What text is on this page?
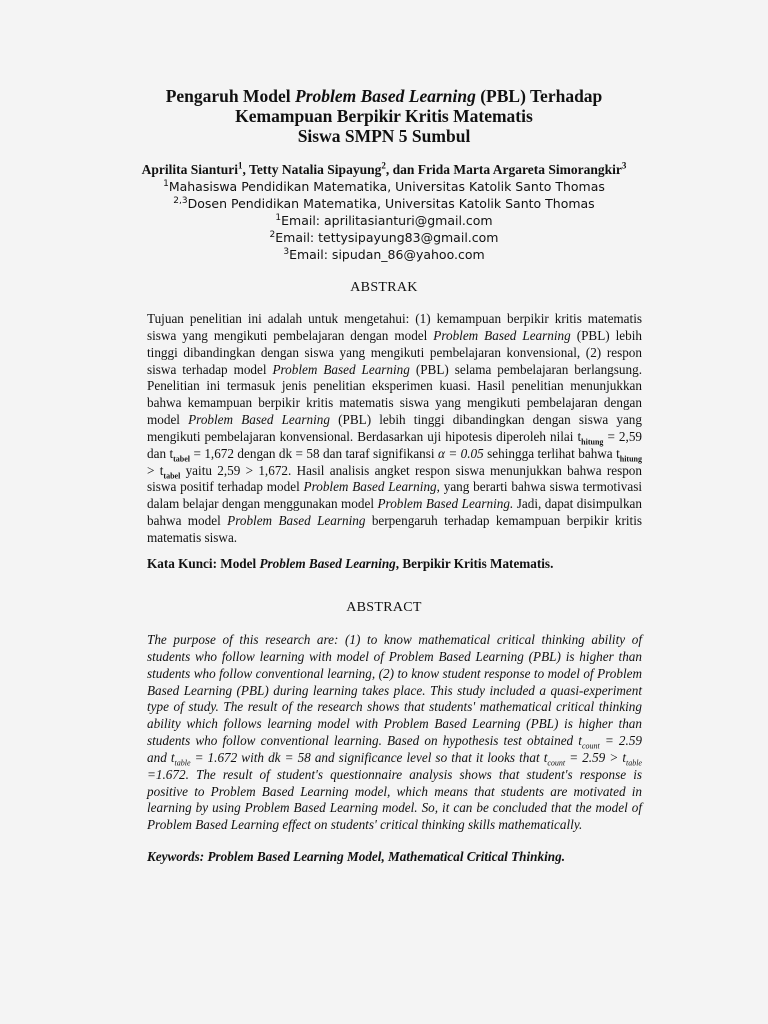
Pengaruh Model Problem Based Learning (PBL) Terhadap
Kemampuan Berpikir Kritis Matematis
Siswa SMPN 5 Sumbul
Aprilita Sianturi$^1$, Tetty Natalia Sipayung$^2$, dan Frida Marta Argareta Simorangkir$^3$
$^1$Mahasiswa Pendidikan Matematika, Universitas Katolik Santo Thomas
$^{2,3}$Dosen Pendidikan Matematika, Universitas Katolik Santo Thomas
$^1$Email: aprilitasianturi@gmail.com
$^2$Email: tettysipayung83@gmail.com
$^3$Email: sipudan_86@yahoo.com
ABSTRAK
Tujuan penelitian ini adalah untuk mengetahui: (1) kemampuan berpikir kritis matematis siswa yang mengikuti pembelajaran dengan model Problem Based Learning (PBL) lebih tinggi dibandingkan dengan siswa yang mengikuti pembelajaran konvensional, (2) respon siswa terhadap model Problem Based Learning (PBL) selama pembelajaran berlangsung. Penelitian ini termasuk jenis penelitian eksperimen kuasi. Hasil penelitian menunjukkan bahwa kemampuan berpikir kritis matematis siswa yang mengikuti pembelajaran dengan model Problem Based Learning (PBL) lebih tinggi dibandingkan dengan siswa yang mengikuti pembelajaran konvensional. Berdasarkan uji hipotesis diperoleh nilai $t_{hitung} = 2,59$ dan $t_{tabel} = 1,672$ dengan dk = 58 dan taraf signifikansi α = 0.05 sehingga terlihat bahwa $t_{hitung} > t_{tabel}$ yaitu 2,59 > 1,672. Hasil analisis angket respon siswa menunjukkan bahwa respon siswa positif terhadap model Problem Based Learning, yang berarti bahwa siswa termotivasi dalam belajar dengan menggunakan model Problem Based Learning. Jadi, dapat disimpulkan bahwa model Problem Based Learning berpengaruh terhadap kemampuan berpikir kritis matematis siswa.
Kata Kunci: Model Problem Based Learning, Berpikir Kritis Matematis.
ABSTRACT
The purpose of this research are: (1) to know mathematical critical thinking ability of students who follow learning with model of Problem Based Learning (PBL) is higher than students who follow conventional learning, (2) to know student response to model of Problem Based Learning (PBL) during learning takes place. This study included a quasi-experiment type of study. The result of the research shows that students' mathematical critical thinking ability which follows learning model with Problem Based Learning (PBL) is higher than students who follow conventional learning. Based on hypothesis test obtained $t_{count} = 2.59$ and $t_{table} = 1.672$ with dk = 58 and significance level so that it looks that $t_{count} = 2.59 > t_{table} =1.672$. The result of student's questionnaire analysis shows that student's response is positive to Problem Based Learning model, which means that students are motivated in learning by using Problem Based Learning model. So, it can be concluded that the model of Problem Based Learning effect on students' critical thinking skills mathematically.
Keywords: Problem Based Learning Model, Mathematical Critical Thinking.
